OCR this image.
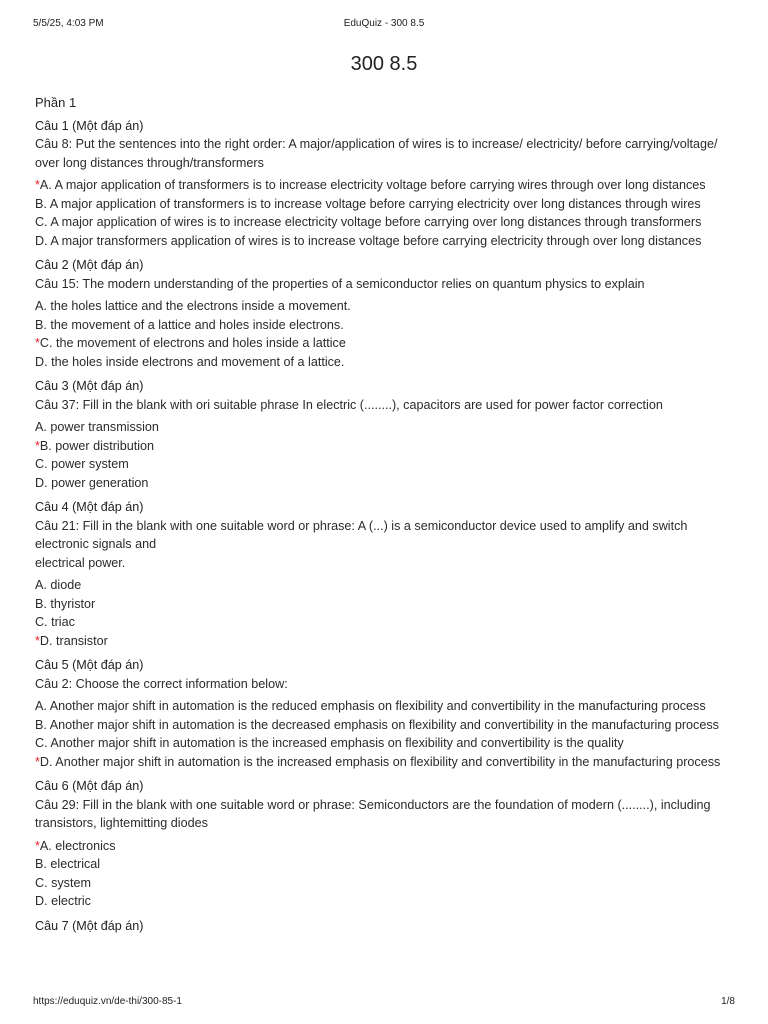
5/5/25, 4:03 PM	EduQuiz - 300 8.5
300 8.5
Phần 1
Câu 1 (Một đáp án)
Câu 8: Put the sentences into the right order: A major/application of wires is to increase/ electricity/ before carrying/voltage/ over long distances through/transformers
*A. A major application of transformers is to increase electricity voltage before carrying wires through over long distances
B. A major application of transformers is to increase voltage before carrying electricity over long distances through wires
C. A major application of wires is to increase electricity voltage before carrying over long distances through transformers
D. A major transformers application of wires is to increase voltage before carrying electricity through over long distances
Câu 2 (Một đáp án)
Câu 15: The modern understanding of the properties of a semiconductor relies on quantum physics to explain
A. the holes lattice and the electrons inside a movement.
B. the movement of a lattice and holes inside electrons.
*C. the movement of electrons and holes inside a lattice
D. the holes inside electrons and movement of a lattice.
Câu 3 (Một đáp án)
Câu 37: Fill in the blank with ori suitable phrase In electric (........), capacitors are used for power factor correction
A. power transmission
*B. power distribution
C. power system
D. power generation
Câu 4 (Một đáp án)
Câu 21: Fill in the blank with one suitable word or phrase: A (...) is a semiconductor device used to amplify and switch electronic signals and
electrical power.
A. diode
B. thyristor
C. triac
*D. transistor
Câu 5 (Một đáp án)
Câu 2: Choose the correct information below:
A. Another major shift in automation is the reduced emphasis on flexibility and convertibility in the manufacturing process
B. Another major shift in automation is the decreased emphasis on flexibility and convertibility in the manufacturing process
C. Another major shift in automation is the increased emphasis on flexibility and convertibility is the quality
*D. Another major shift in automation is the increased emphasis on flexibility and convertibility in the manufacturing process
Câu 6 (Một đáp án)
Câu 29: Fill in the blank with one suitable word or phrase: Semiconductors are the foundation of modern (........), including transistors, lightemitting diodes
*A. electronics
B. electrical
C. system
D. electric
Câu 7 (Một đáp án)
https://eduquiz.vn/de-thi/300-85-1	1/8
